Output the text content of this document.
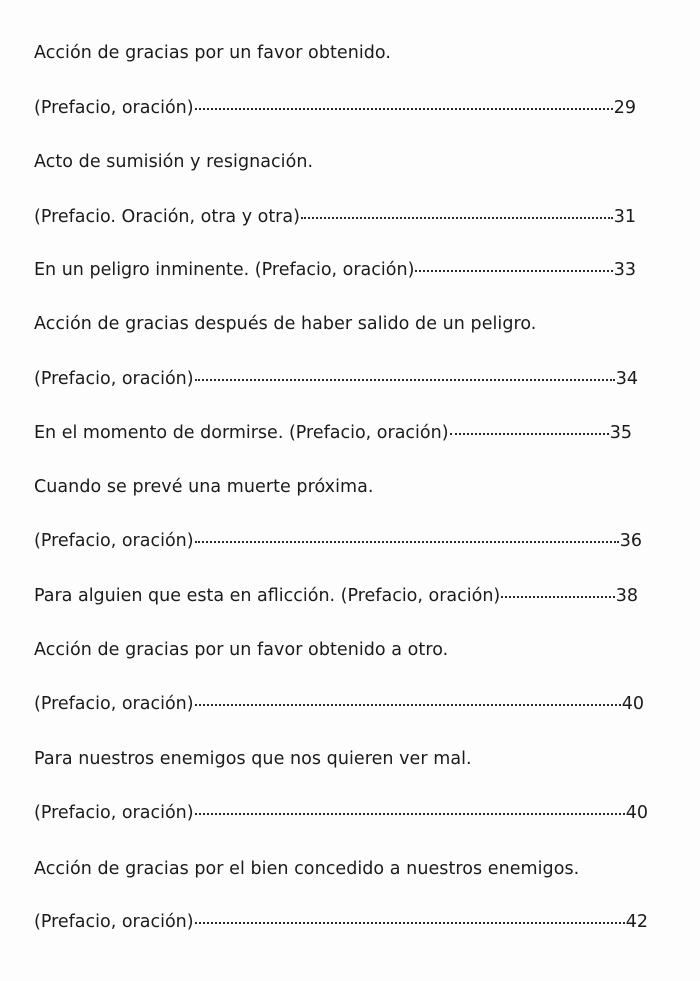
Acción de gracias por un favor obtenido.
(Prefacio, oración)	29
Acto de sumisión y resignación.
(Prefacio. Oración, otra y otra)	31
En un peligro inminente. (Prefacio, oración)	33
Acción de gracias después de haber salido de un peligro.
(Prefacio, oración)	34
En el momento de dormirse. (Prefacio, oración)	35
Cuando se prevé una muerte próxima.
(Prefacio, oración)	36
Para alguien que esta en aflicción. (Prefacio, oración)	38
Acción de gracias por un favor obtenido a otro.
(Prefacio, oración)	40
Para nuestros enemigos que nos quieren ver mal.
(Prefacio, oración)	40
Acción de gracias por el bien concedido a nuestros enemigos.
(Prefacio, oración)	42
